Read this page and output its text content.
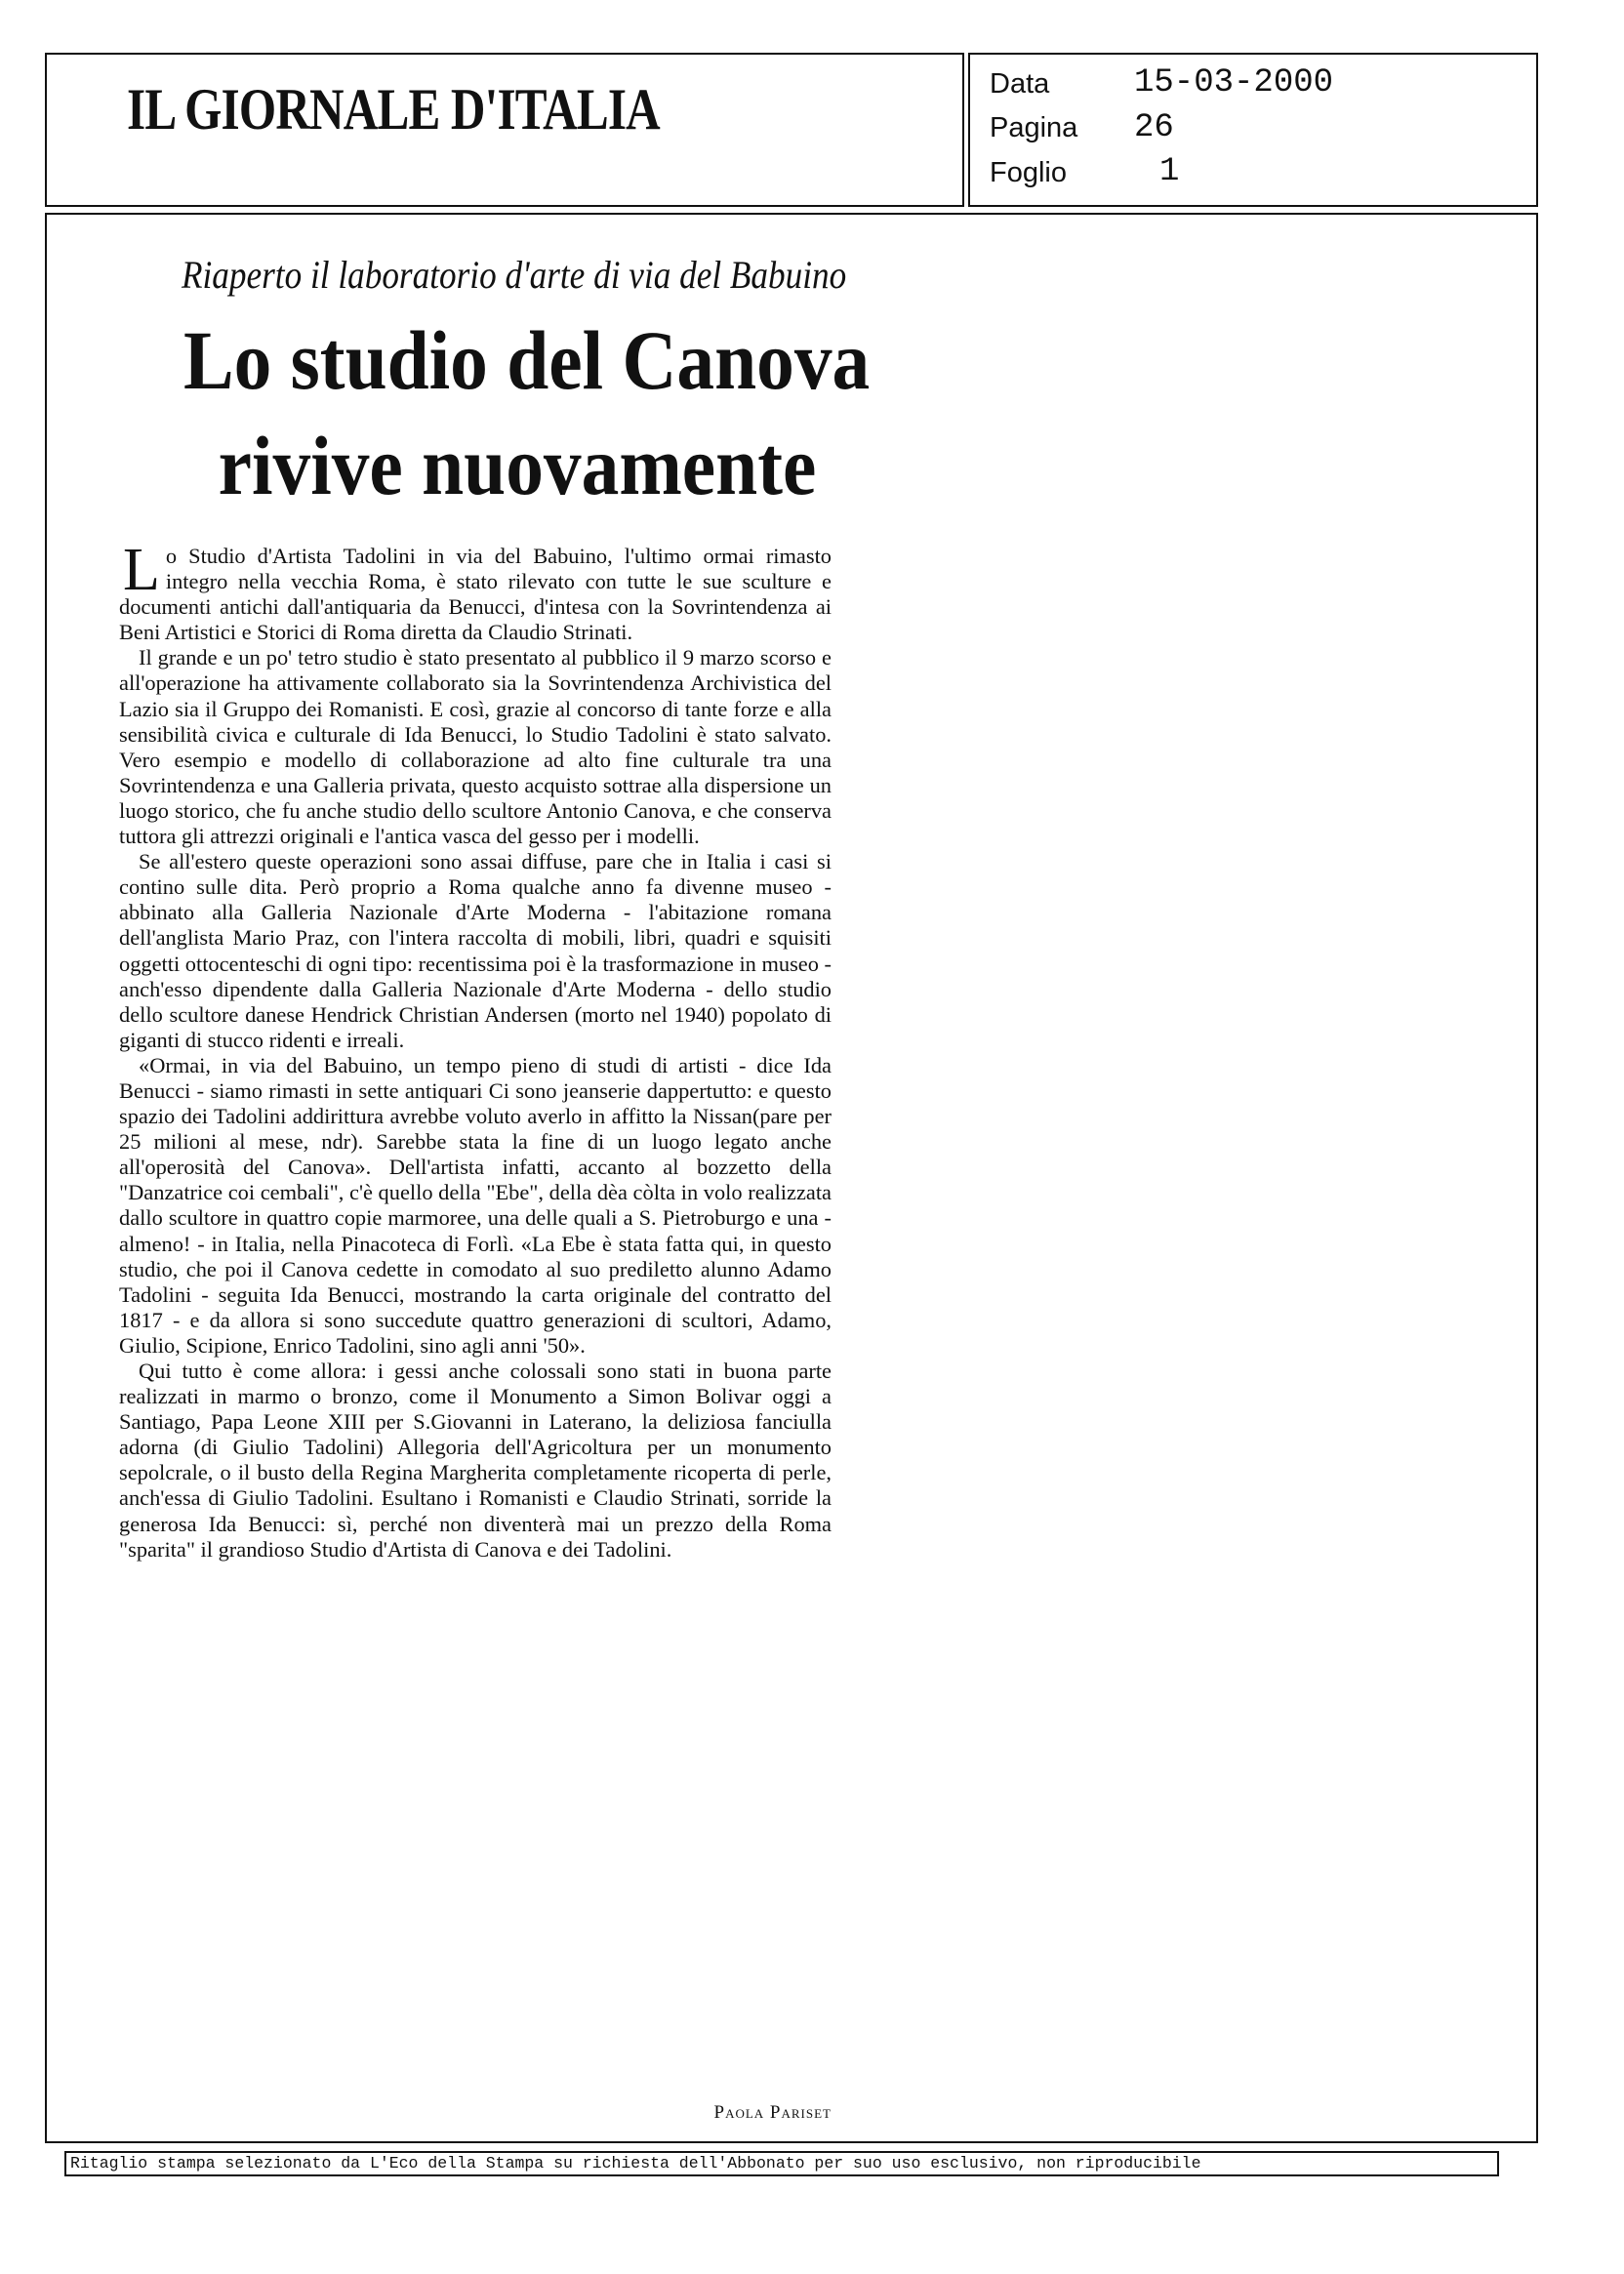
IL GIORNALE D'ITALIA	Data	15-03-2000
Pagina 26
Foglio	1
Riaperto il laboratorio d'arte di via del Babuino
Lo studio del Canova
rivive nuovamente

Lo Studio d'Artista Tadolini in via del Babuino, l'ultimo ormai rimasto integro nella vecchia Roma, è stato rilevato con tutte le sue sculture e documenti antichi dall'antiquaria da Benucci, d'intesa con la Sovrintendenza ai Beni Artistici e Storici di Roma diretta da Claudio Strinati.

Il grande e un po' tetro studio è stato presentato al pubblico il 9 marzo scorso e all'operazione ha attivamente collaborato sia la Sovrintendenza Archivistica del Lazio sia il Gruppo dei Romanisti. E così, grazie al concorso di tante forze e alla sensibilità civica e culturale di Ida Benucci, lo Studio Tadolini è stato salvato. Vero esempio e modello di collaborazione ad alto fine culturale tra una Sovrintendenza e una Galleria privata, questo acquisto sottrae alla dispersione un luogo storico, che fu anche studio dello scultore Antonio Canova, e che conserva tuttora gli attrezzi originali e l'antica vasca del gesso per i modelli.

Se all'estero queste operazioni sono assai diffuse, pare che in Italia i casi si contino sulle dita. Però proprio a Roma qualche anno fa divenne museo - abbinato alla Galleria Nazionale d'Arte Moderna - l'abitazione romana dell'anglista Mario Praz, con l'intera raccolta di mobili, libri, quadri e squisiti oggetti ottocenteschi di ogni tipo: recentissima poi è la trasformazione in museo - anch'esso dipendente dalla Galleria Nazionale d'Arte Moderna - dello studio dello scultore danese Hendrick Christian Andersen (morto nel 1940) popolato di giganti di stucco ridenti e irreali.

«Ormai, in via del Babuino, un tempo pieno di studi di artisti - dice Ida Benucci - siamo rimasti in sette antiquari Ci sono jeanserie dappertutto: e questo spazio dei Tadolini addirittura avrebbe voluto averlo in affitto la Nissan(pare per 25 milioni al mese, ndr). Sarebbe stata la fine di un luogo legato anche all'operosità del Canova». Dell'artista infatti, accanto al bozzetto della "Danzatrice coi cembali", c'è quello della "Ebe", della dèa còlta in volo realizzata dallo scultore in quattro copie marmoree, una delle quali a S. Pietroburgo e una - almeno! - in Italia, nella Pinacoteca di Forlì. «La Ebe è stata fatta qui, in questo studio, che poi il Canova cedette in comodato al suo prediletto alunno Adamo Tadolini - seguita Ida Benucci, mostrando la carta originale del contratto del 1817 - e da allora si sono succedute quattro generazioni di scultori, Adamo, Giulio, Scipione, Enrico Tadolini, sino agli anni '50».

Qui tutto è come allora: i gessi anche colossali sono stati in buona parte realizzati in marmo o bronzo, come il Monumento a Simon Bolivar oggi a Santiago, Papa Leone XIII per S.Giovanni in Laterano, la deliziosa fanciulla adorna (di Giulio Tadolini) Allegoria dell'Agricoltura per un monumento sepolcrale, o il busto della Regina Margherita completamente ricoperta di perle, anch'essa di Giulio Tadolini. Esultano i Romanisti e Claudio Strinati, sorride la generosa Ida Benucci: sì, perché non diventerà mai un prezzo della Roma "sparita" il grandioso Studio d'Artista di Canova e dei Tadolini.

Paola Pariset
Ritaglio stampa selezionato da L'Eco della Stampa su richiesta dell'Abbonato per suo uso esclusivo, non riproducibile
